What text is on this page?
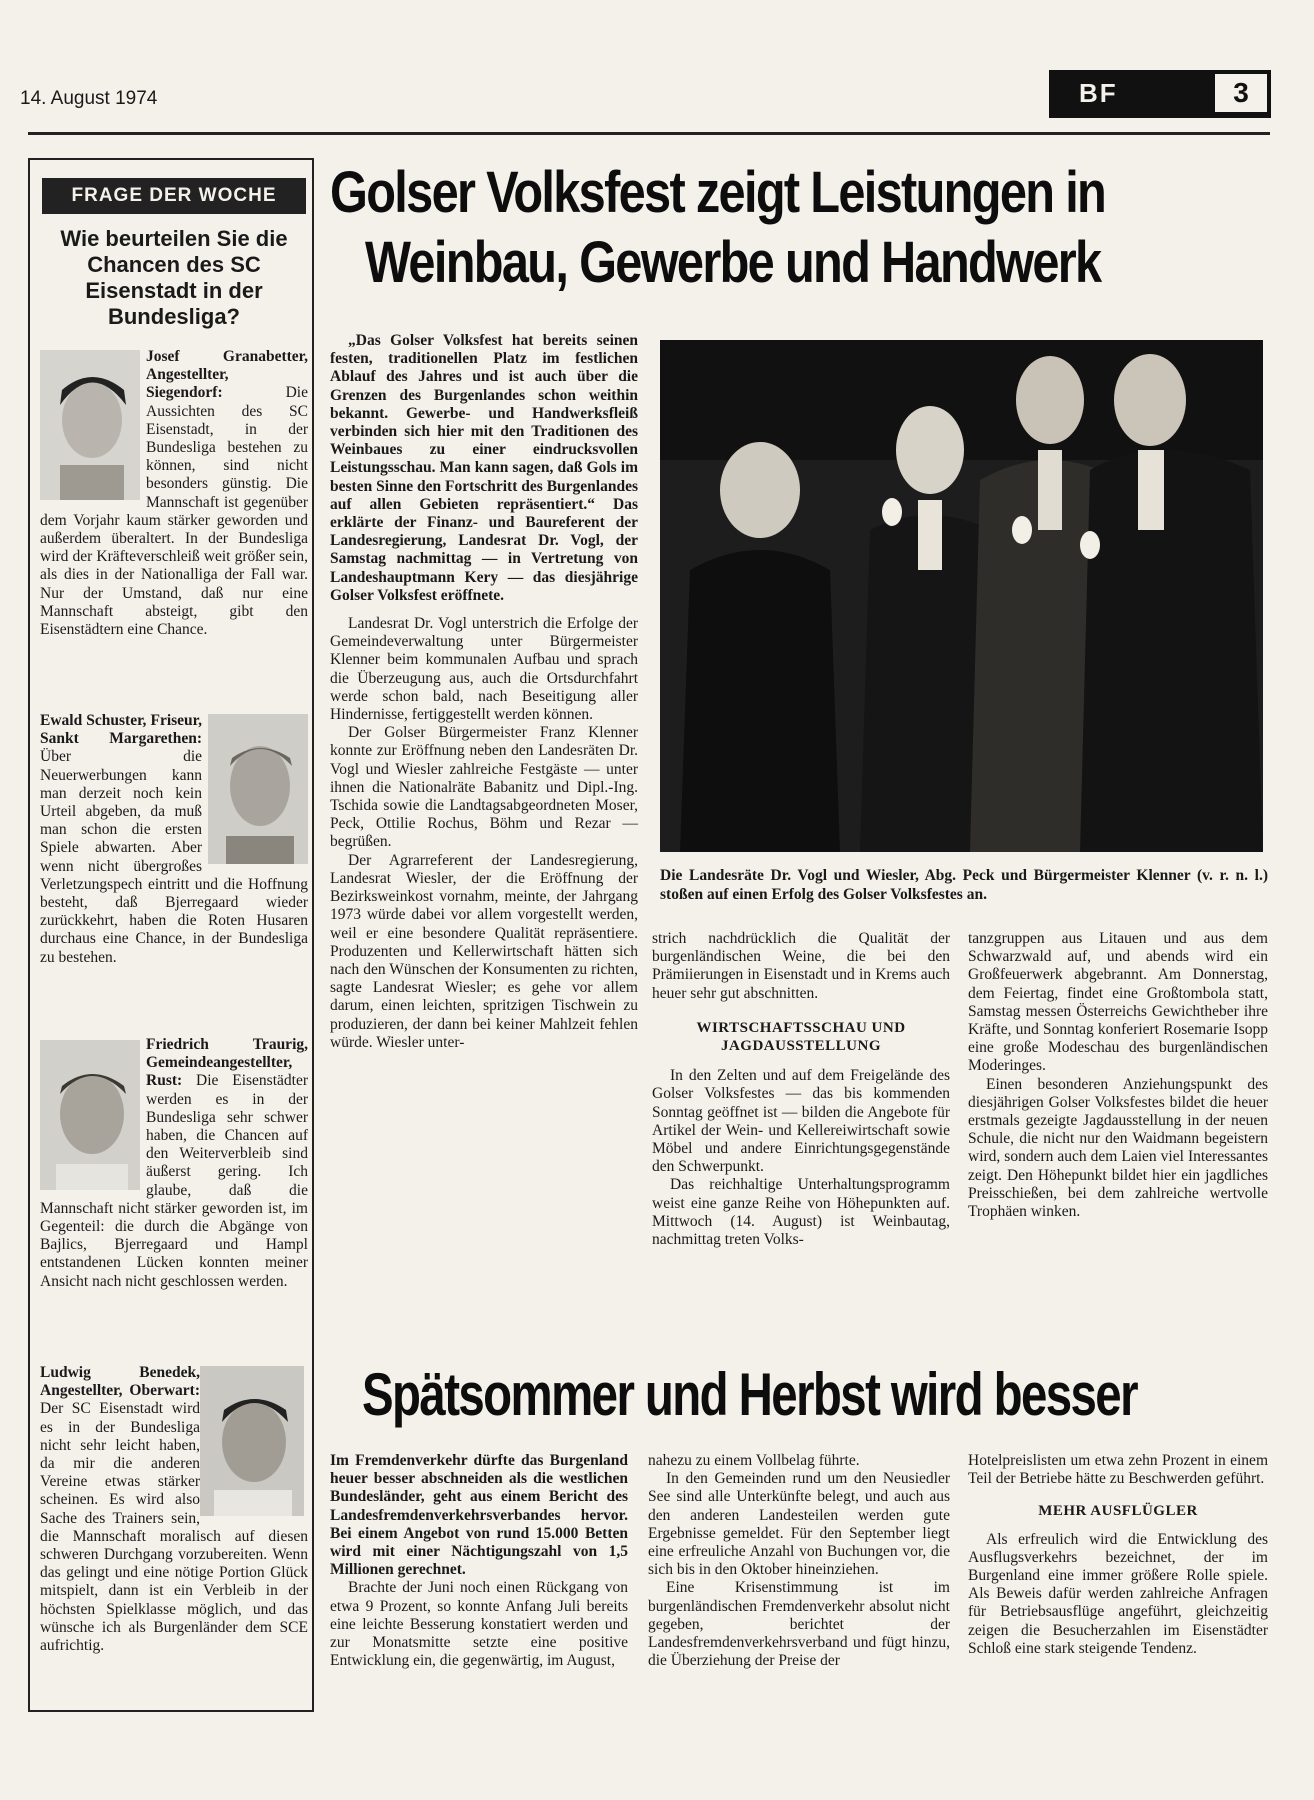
14. August 1974	BF	3
FRAGE DER WOCHE
Wie beurteilen Sie die Chancen des SC Eisenstadt in der Bundesliga?
Josef Granabetter, Angestellter, Siegendorf:	Die Aussichten des SC Eisenstadt, in der Bundesliga bestehen zu können, sind nicht besonders günstig. Die Mannschaft ist gegenüber dem Vorjahr kaum stärker geworden und außerdem überaltert. In der Bundesliga wird der Kräfteverschleiß weit größer sein, als dies in der Nationalliga der Fall war. Nur der Umstand, daß nur eine Mannschaft absteigt, gibt den Eisenstädtern eine Chance.
Ewald Schuster, Friseur, Sankt Margarethen: Über die Neuerwerbungen kann man derzeit noch kein Urteil abgeben, da muß man schon die ersten Spiele abwarten. Aber wenn nicht übergroßes Verletzungspech eintritt und die Hoffnung besteht, daß Bjerregaard wieder zurückkehrt, haben die Roten Husaren durchaus eine Chance, in der Bundesliga zu bestehen.
Friedrich Traurig, Gemeindeangestellter, Rust: Die Eisenstädter werden es in der Bundesliga sehr schwer haben, die Chancen auf den Weiterverbleib sind äußerst gering. Ich glaube, daß die Mannschaft nicht stärker geworden ist, im Gegenteil: die durch die Abgänge von Bajlics, Bjerregaard und Hampl entstandenen Lücken konnten meiner Ansicht nach nicht geschlossen werden.
Ludwig Benedek, Angestellter, Oberwart: Der SC Eisenstadt wird es in der Bundesliga nicht sehr leicht haben, da mir die anderen Vereine etwas stärker scheinen. Es wird also Sache des Trainers sein, die Mannschaft moralisch auf diesen schweren Durchgang vorzubereiten. Wenn das gelingt und eine nötige Portion Glück mitspielt, dann ist ein Verbleib in der höchsten Spielklasse möglich, und das wünsche ich als Burgenländer dem SCE aufrichtig.
Golser Volksfest zeigt Leistungen in
Weinbau, Gewerbe und Handwerk

„Das Golser Volksfest hat bereits seinen festen, traditionellen Platz im festlichen Ablauf des Jahres und ist auch über die Grenzen des Burgenlandes schon weithin bekannt. Gewerbe- und Handwerksfleiß verbinden sich hier mit den Traditionen des Weinbaues zu einer eindrucksvollen Leistungsschau. Man kann sagen, daß Gols im besten Sinne den Fortschritt des Burgenlandes auf allen Gebieten repräsentiert.“ Das erklärte der Finanz- und Baureferent der Landesregierung, Landesrat Dr. Vogl, der Samstag nachmittag — in Vertretung von Landeshauptmann Kery — das diesjährige Golser Volksfest eröffnete.

Landesrat Dr. Vogl unterstrich die Erfolge der Gemeindeverwaltung unter Bürgermeister Klenner beim kommunalen Aufbau und sprach die Überzeugung aus, auch die Ortsdurchfahrt werde schon bald, nach Beseitigung aller Hindernisse, fertiggestellt werden können.

Der Golser Bürgermeister Franz Klenner konnte zur Eröffnung neben den Landesräten Dr. Vogl und Wiesler zahlreiche Festgäste — unter ihnen die Nationalräte Babanitz und Dipl.-Ing. Tschida sowie die Landtagsabgeordneten Moser, Peck, Ottilie Rochus, Böhm und Rezar — begrüßen.

Der Agrarreferent der Landesregierung, Landesrat Wiesler, der die Eröffnung der Bezirksweinkost vornahm, meinte, der Jahrgang 1973 würde dabei vor allem vorgestellt werden, weil er eine besondere Qualität repräsentiere. Produzenten und Kellerwirtschaft hätten sich nach den Wünschen der Konsumenten zu richten, sagte Landesrat Wiesler; es gehe vor allem darum, einen leichten, spritzigen Tischwein zu produzieren, der dann bei keiner Mahlzeit fehlen würde. Wiesler unter-

Die Landesräte Dr. Vogl und Wiesler, Abg. Peck und Bürgermeister Klenner (v. r. n. l.) stoßen auf einen Erfolg des Golser Volksfestes an.

strich nachdrücklich die Qualität der burgenländischen Weine, die bei den Prämiierungen in Eisenstadt und in Krems auch heuer sehr gut abschnitten.

WIRTSCHAFTSSCHAU UND JAGDAUSSTELLUNG

In den Zelten und auf dem Freigelände des Golser Volksfestes — das bis kommenden Sonntag geöffnet ist — bilden die Angebote für Artikel der Wein- und Kellereiwirtschaft sowie Möbel und andere Einrichtungsgegenstände den Schwerpunkt.

Das reichhaltige Unterhaltungsprogramm weist eine ganze Reihe von Höhepunkten auf. Mittwoch (14. August) ist Weinbautag, nachmittag treten Volks-

tanzgruppen aus Litauen und aus dem Schwarzwald auf, und abends wird ein Großfeuerwerk abgebrannt. Am Donnerstag, dem Feiertag, findet eine Großtombola statt, Samstag messen Österreichs Gewichtheber ihre Kräfte, und Sonntag konferiert Rosemarie Isopp eine große Modeschau des burgenländischen Moderinges.

Einen besonderen Anziehungspunkt des diesjährigen Golser Volksfestes bildet die heuer erstmals gezeigte Jagdausstellung in der neuen Schule, die nicht nur den Waidmann begeistern wird, sondern auch dem Laien viel Interessantes zeigt. Den Höhepunkt bildet hier ein jagdliches Preisschießen, bei dem zahlreiche wertvolle Trophäen winken.

Spätsommer und Herbst wird besser

Im Fremdenverkehr dürfte das Burgenland heuer besser abschneiden als die westlichen Bundesländer, geht aus einem Bericht des Landesfremdenverkehrsverbandes hervor. Bei einem Angebot von rund 15.000 Betten wird mit einer Nächtigungszahl von 1,5 Millionen gerechnet.

Brachte der Juni noch einen Rückgang von etwa 9 Prozent, so konnte Anfang Juli bereits eine leichte Besserung konstatiert werden und zur Monatsmitte setzte eine positive Entwicklung ein, die gegenwärtig, im August,

nahezu zu einem Vollbelag führte.

In den Gemeinden rund um den Neusiedler See sind alle Unterkünfte belegt, und auch aus den anderen Landesteilen werden gute Ergebnisse gemeldet. Für den September liegt eine erfreuliche Anzahl von Buchungen vor, die sich bis in den Oktober hineinziehen.

Eine Krisenstimmung ist im burgenländischen Fremdenverkehr absolut nicht gegeben, berichtet der Landesfremdenverkehrsverband und fügt hinzu, die Überziehung der Preise der

Hotelpreislisten um etwa zehn Prozent in einem Teil der Betriebe hätte zu Beschwerden geführt.

MEHR AUSFLÜGLER

Als erfreulich wird die Entwicklung des Ausflugsverkehrs bezeichnet, der im Burgenland eine immer größere Rolle spiele. Als Beweis dafür werden zahlreiche Anfragen für Betriebsausflüge angeführt, gleichzeitig zeigen die Besucherzahlen im Eisenstädter Schloß eine stark steigende Tendenz.
